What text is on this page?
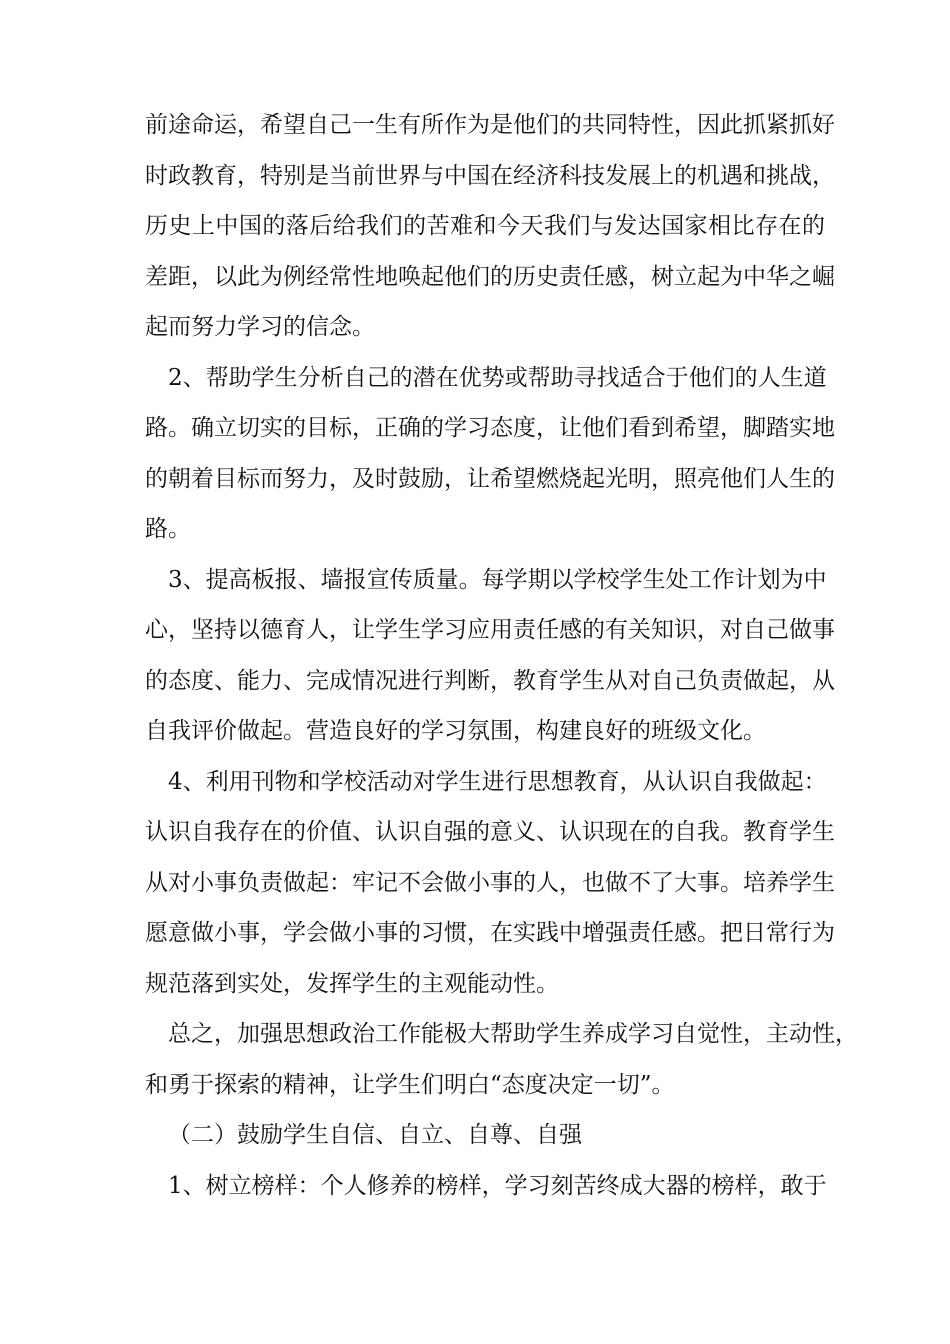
前途命运，希望自己一生有所作为是他们的共同特性，因此抓紧抓好
时政教育，特别是当前世界与中国在经济科技发展上的机遇和挑战，
历史上中国的落后给我们的苦难和今天我们与发达国家相比存在的
差距，以此为例经常性地唤起他们的历史责任感，树立起为中华之崛
起而努力学习的信念。
2、帮助学生分析自己的潜在优势或帮助寻找适合于他们的人生道
路。确立切实的目标，正确的学习态度，让他们看到希望，脚踏实地
的朝着目标而努力，及时鼓励，让希望燃烧起光明，照亮他们人生的
路。
3、提高板报、墙报宣传质量。每学期以学校学生处工作计划为中
心，坚持以德育人，让学生学习应用责任感的有关知识，对自己做事
的态度、能力、完成情况进行判断，教育学生从对自己负责做起，从
自我评价做起。营造良好的学习氛围，构建良好的班级文化。
4、利用刊物和学校活动对学生进行思想教育，从认识自我做起：
认识自我存在的价值、认识自强的意义、认识现在的自我。教育学生
从对小事负责做起：牢记不会做小事的人，也做不了大事。培养学生
愿意做小事，学会做小事的习惯，在实践中增强责任感。把日常行为
规范落到实处，发挥学生的主观能动性。
总之，加强思想政治工作能极大帮助学生养成学习自觉性，主动性，
和勇于探索的精神，让学生们明白“态度决定一切”。
（二）鼓励学生自信、自立、自尊、自强
1、树立榜样：个人修养的榜样，学习刻苦终成大器的榜样，敢于
